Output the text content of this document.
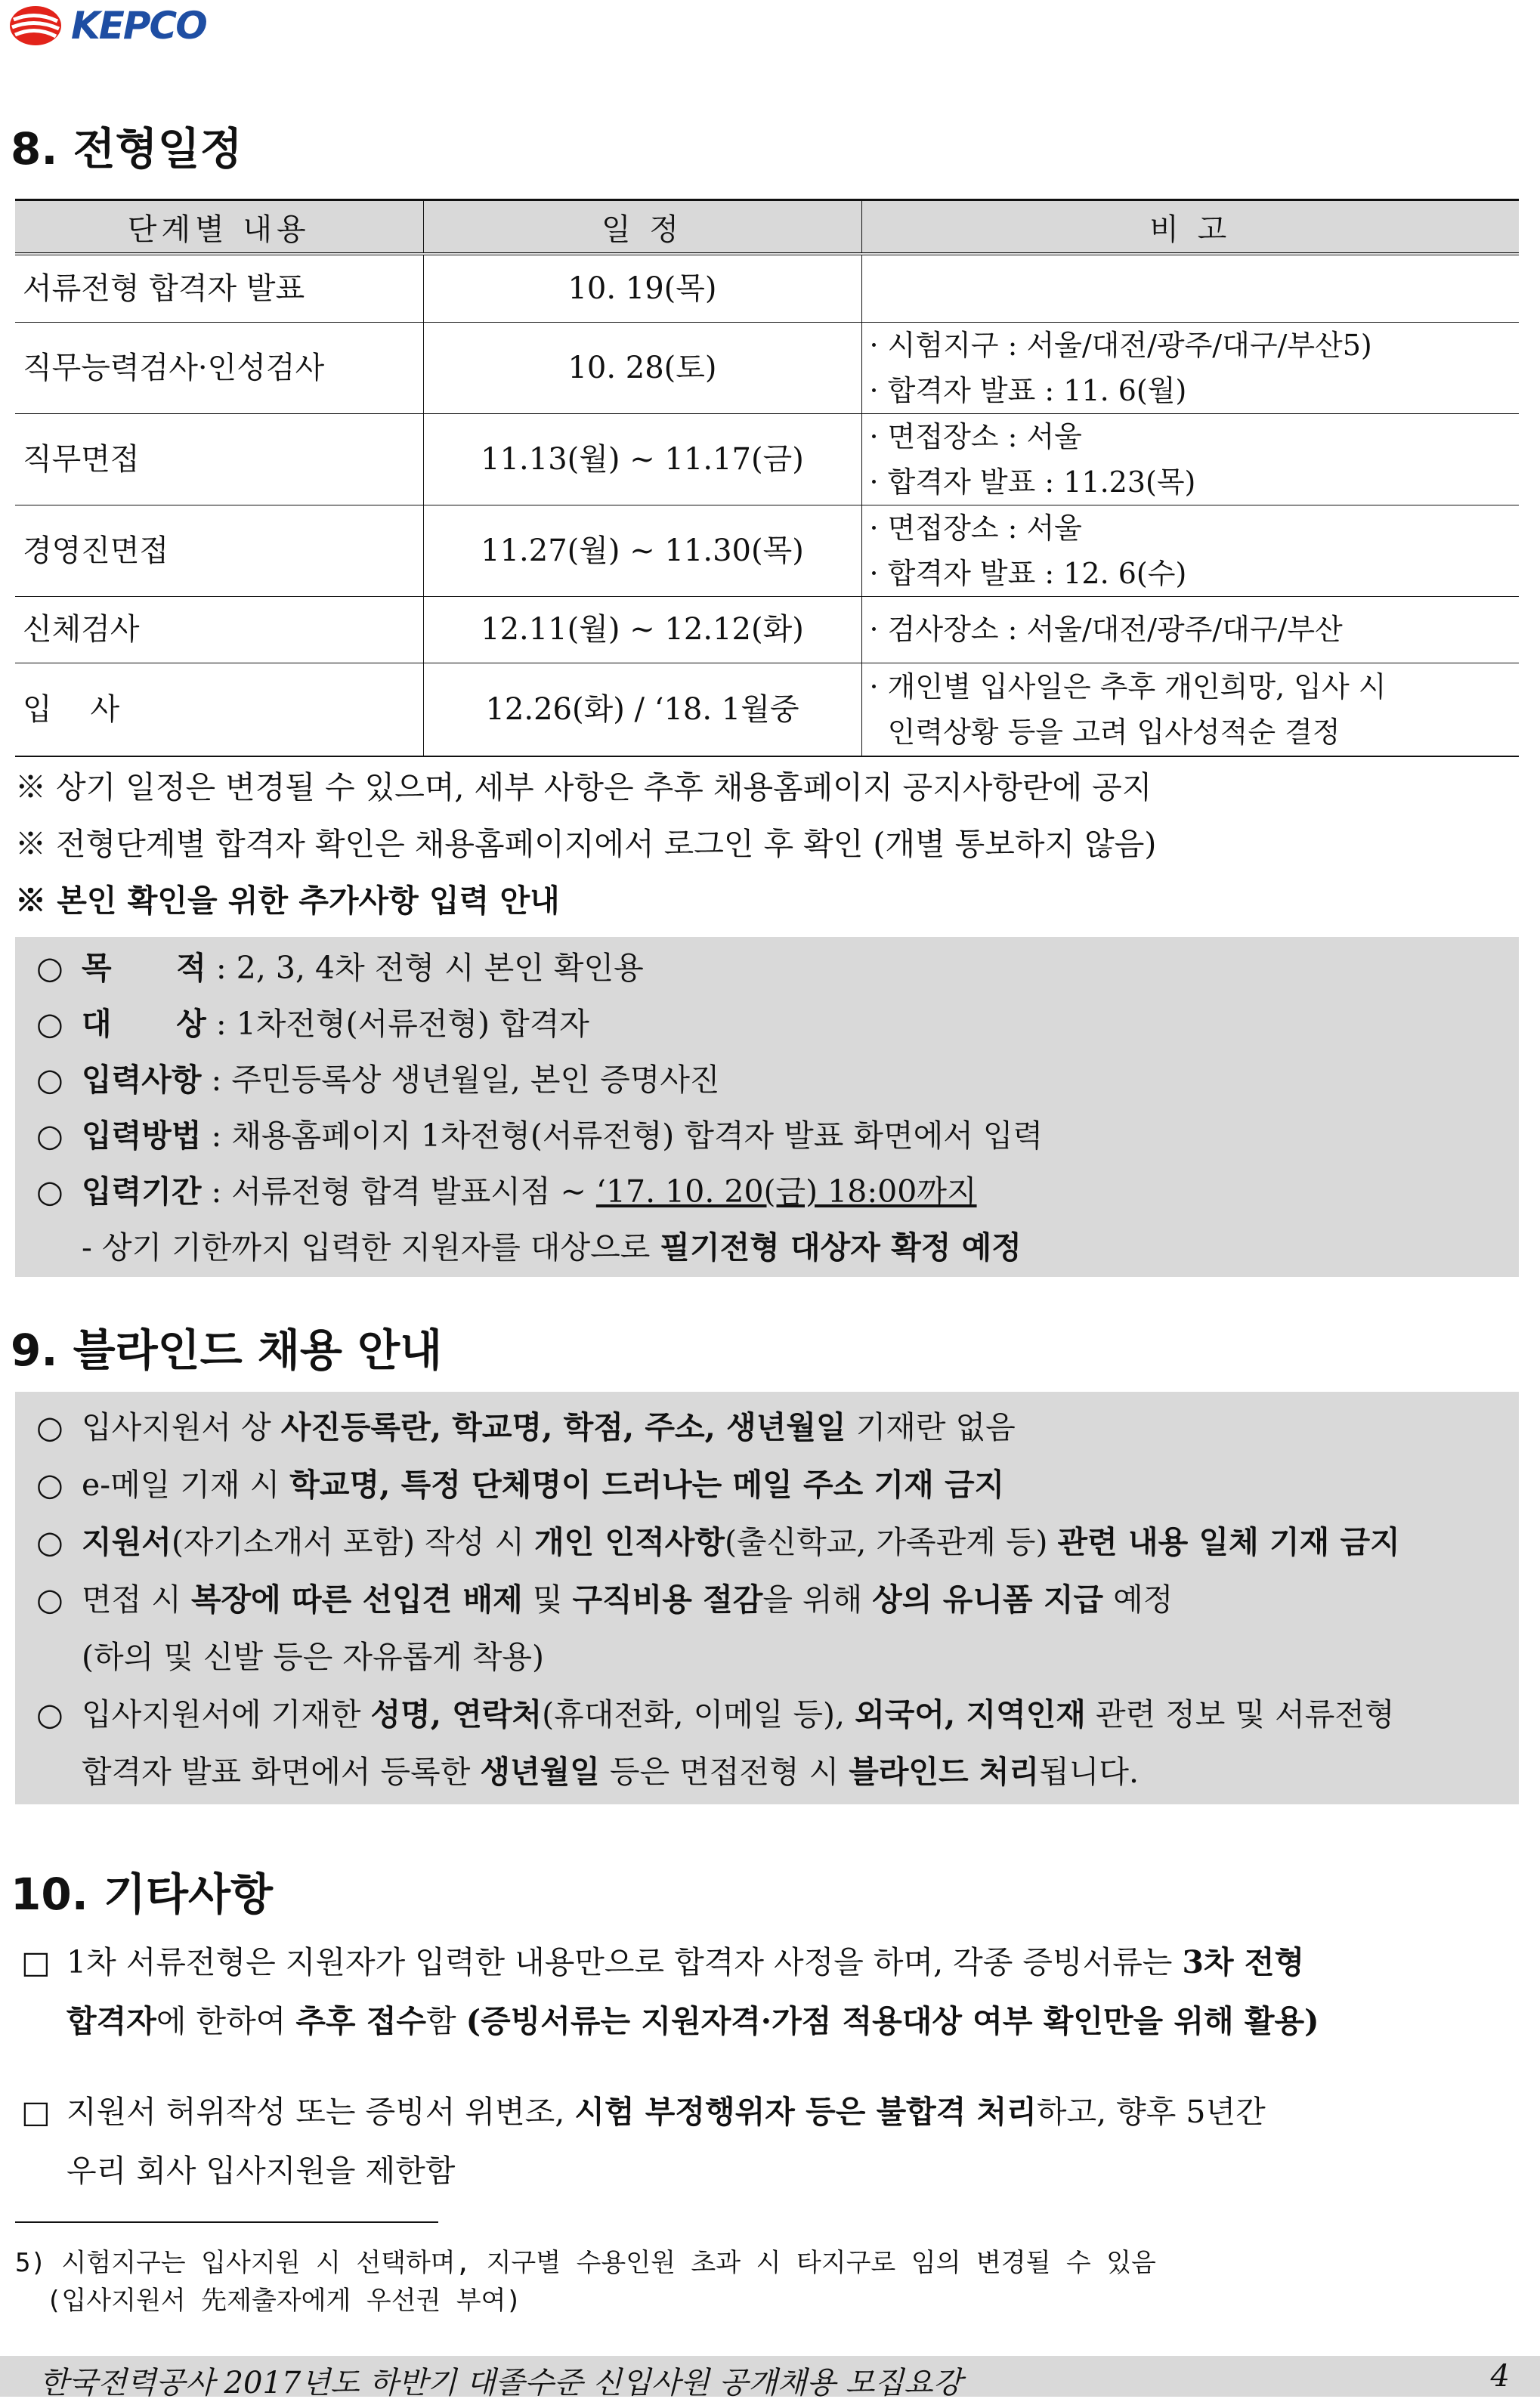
KEPCO
8. 전형일정
단계별 내용	일 정	비 고
서류전형 합격자 발표	10. 19(목)	
직무능력검사·인성검사	10. 28(토)	· 시험지구 : 서울/대전/광주/대구/부산5)
· 합격자 발표 : 11. 6(월)

직무면접	11.13(월) ~ 11.17(금)	· 면접장소 : 서울
· 합격자 발표 : 11.23(목)

경영진면접	11.27(월) ~ 11.30(목)	· 면접장소 : 서울
· 합격자 발표 : 12. 6(수)

신체검사	12.11(월) ~ 12.12(화)	· 검사장소 : 서울/대전/광주/대구/부산

입    사	12.26(화) / ‘18. 1월중	· 개인별 입사일은 추후 개인희망, 입사 시
인력상황 등을 고려 입사성적순 결정
※ 상기 일정은 변경될 수 있으며, 세부 사항은 추후 채용홈페이지 공지사항란에 공지
※ 전형단계별 합격자 확인은 채용홈페이지에서 로그인 후 확인 (개별 통보하지 않음)
※ 본인 확인을 위한 추가사항 입력 안내
○ 목      적 : 2, 3, 4차 전형 시 본인 확인용
○ 대      상 : 1차전형(서류전형) 합격자
○ 입력사항 : 주민등록상 생년월일, 본인 증명사진
○ 입력방법 : 채용홈페이지 1차전형(서류전형) 합격자 발표 화면에서 입력
○ 입력기간 : 서류전형 합격 발표시점 ~ ‘17. 10. 20(금) 18:00까지
- 상기 기한까지 입력한 지원자를 대상으로 필기전형 대상자 확정 예정
9. 블라인드 채용 안내
○ 입사지원서 상 사진등록란, 학교명, 학점, 주소, 생년월일 기재란 없음
○ e-메일 기재 시 학교명, 특정 단체명이 드러나는 메일 주소 기재 금지
○ 지원서(자기소개서 포함) 작성 시 개인 인적사항(출신학교, 가족관계 등) 관련 내용 일체 기재 금지
○ 면접 시 복장에 따른 선입견 배제 및 구직비용 절감을 위해 상의 유니폼 지급 예정
(하의 및 신발 등은 자유롭게 착용)
○ 입사지원서에 기재한 성명, 연락처(휴대전화, 이메일 등), 외국어, 지역인재 관련 정보 및 서류전형
합격자 발표 화면에서 등록한 생년월일 등은 면접전형 시 블라인드 처리됩니다.
10. 기타사항
□ 1차 서류전형은 지원자가 입력한 내용만으로 합격자 사정을 하며, 각종 증빙서류는 3차 전형
합격자에 한하여 추후 접수함 (증빙서류는 지원자격·가점 적용대상 여부 확인만을 위해 활용)
□ 지원서 허위작성 또는 증빙서 위변조, 시험 부정행위자 등은 불합격 처리하고, 향후 5년간
우리 회사 입사지원을 제한함
5) 시험지구는 입사지원 시 선택하며, 지구별 수용인원 초과 시 타지구로 임의 변경될 수 있음
(입사지원서 先제출자에게 우선권 부여)
한국전력공사 2017년도 하반기 대졸수준 신입사원 공개채용 모집요강	4
